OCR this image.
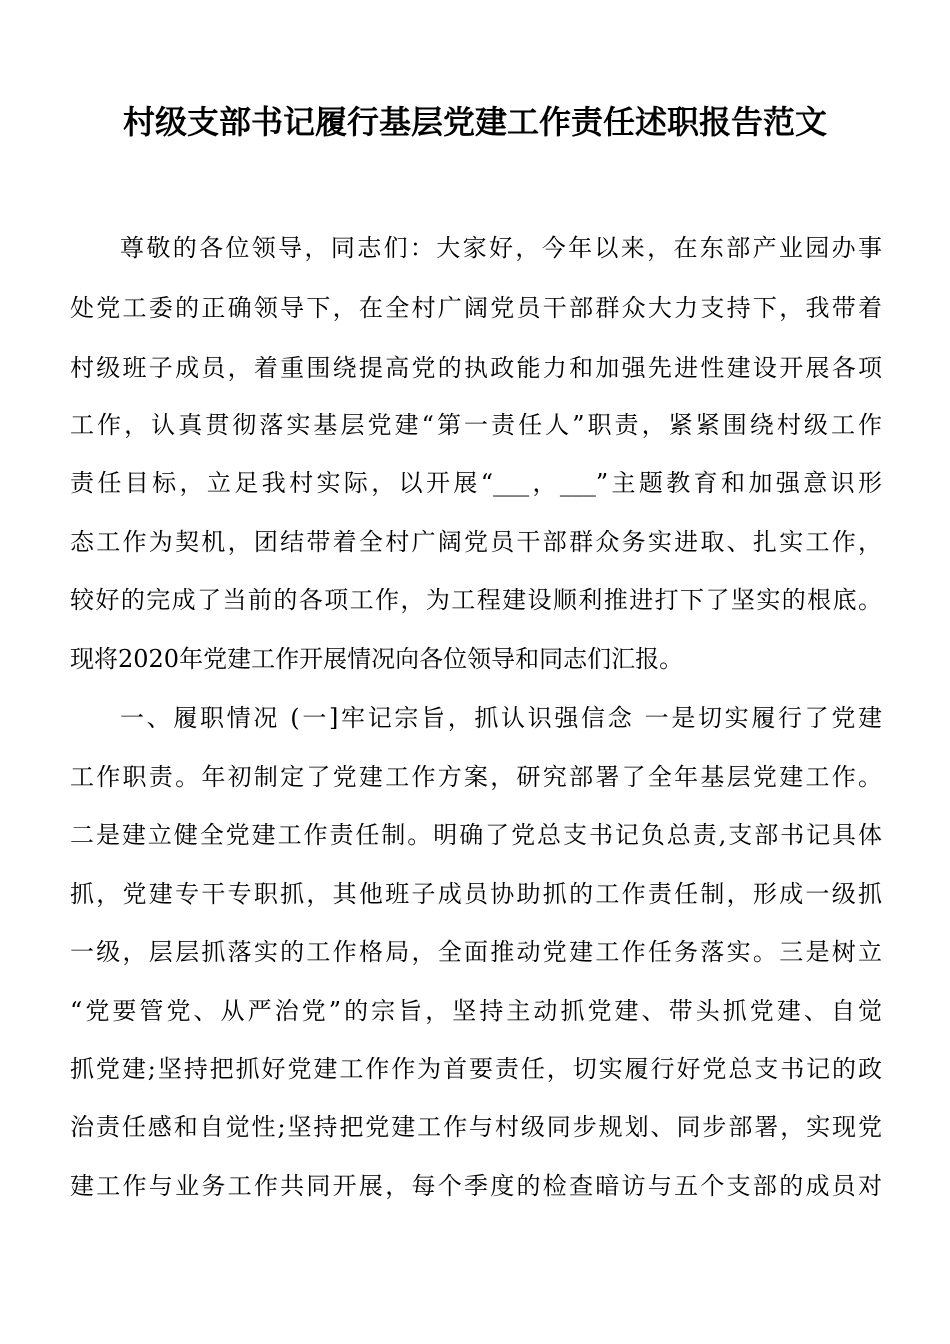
村级支部书记履行基层党建工作责任述职报告范文

尊敬的各位领导，同志们：大家好，今年以来，在东部产业园办事

处党工委的正确领导下，在全村广阔党员干部群众大力支持下，我带着

村级班子成员，着重围绕提高党的执政能力和加强先进性建设开展各项

工作，认真贯彻落实基层党建“第一责任人”职责，紧紧围绕村级工作

责任目标，立足我村实际，以开展“___，___”主题教育和加强意识形

态工作为契机，团结带着全村广阔党员干部群众务实进取、扎实工作，

较好的完成了当前的各项工作，为工程建设顺利推进打下了坚实的根底。

现将2020年党建工作开展情况向各位领导和同志们汇报。

一、履职情况 (一]牢记宗旨，抓认识强信念 一是切实履行了党建

工作职责。年初制定了党建工作方案，研究部署了全年基层党建工作。

二是建立健全党建工作责任制。明确了党总支书记负总责,支部书记具体

抓，党建专干专职抓，其他班子成员协助抓的工作责任制，形成一级抓

一级，层层抓落实的工作格局，全面推动党建工作任务落实。三是树立

“党要管党、从严治党”的宗旨，坚持主动抓党建、带头抓党建、自觉

抓党建;坚持把抓好党建工作作为首要责任，切实履行好党总支书记的政

治责任感和自觉性;坚持把党建工作与村级同步规划、同步部署，实现党

建工作与业务工作共同开展，每个季度的检查暗访与五个支部的成员对
